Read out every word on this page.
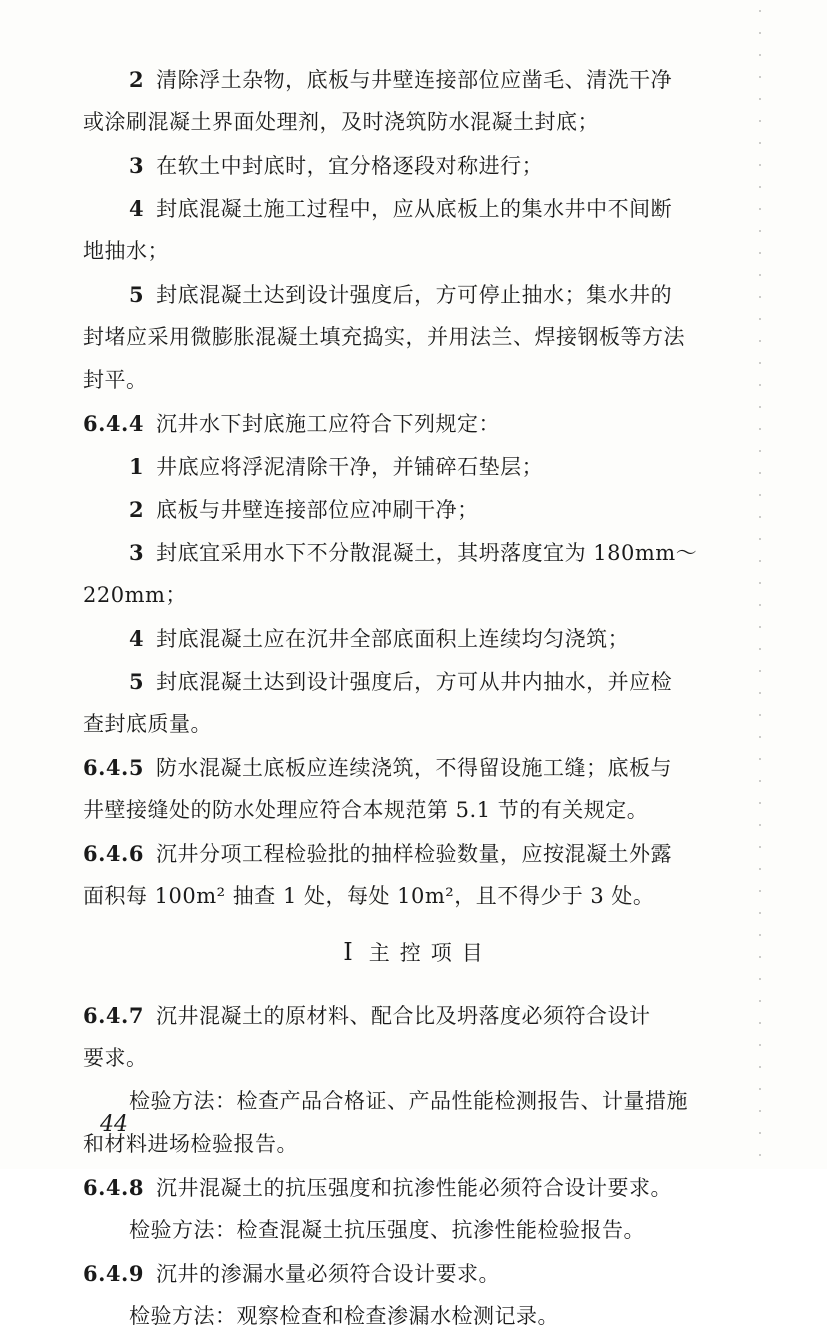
2 清除浮土杂物，底板与井壁连接部位应凿毛、清洗干净
或涂刷混凝土界面处理剂，及时浇筑防水混凝土封底；
3 在软土中封底时，宜分格逐段对称进行；
4 封底混凝土施工过程中，应从底板上的集水井中不间断
地抽水；
5 封底混凝土达到设计强度后，方可停止抽水；集水井的
封堵应采用微膨胀混凝土填充捣实，并用法兰、焊接钢板等方法
封平。
6.4.4 沉井水下封底施工应符合下列规定：
1 井底应将浮泥清除干净，并铺碎石垫层；
2 底板与井壁连接部位应冲刷干净；
3 封底宜采用水下不分散混凝土，其坍落度宜为 180mm～
220mm；
4 封底混凝土应在沉井全部底面积上连续均匀浇筑；
5 封底混凝土达到设计强度后，方可从井内抽水，并应检
查封底质量。
6.4.5 防水混凝土底板应连续浇筑，不得留设施工缝；底板与
井壁接缝处的防水处理应符合本规范第 5.1 节的有关规定。
6.4.6 沉井分项工程检验批的抽样检验数量，应按混凝土外露
面积每 100m² 抽查 1 处，每处 10m²，且不得少于 3 处。
Ⅰ 主控项目
6.4.7 沉井混凝土的原材料、配合比及坍落度必须符合设计
要求。
检验方法：检查产品合格证、产品性能检测报告、计量措施
和材料进场检验报告。
6.4.8 沉井混凝土的抗压强度和抗渗性能必须符合设计要求。
检验方法：检查混凝土抗压强度、抗渗性能检验报告。
6.4.9 沉井的渗漏水量必须符合设计要求。
检验方法：观察检查和检查渗漏水检测记录。
44
